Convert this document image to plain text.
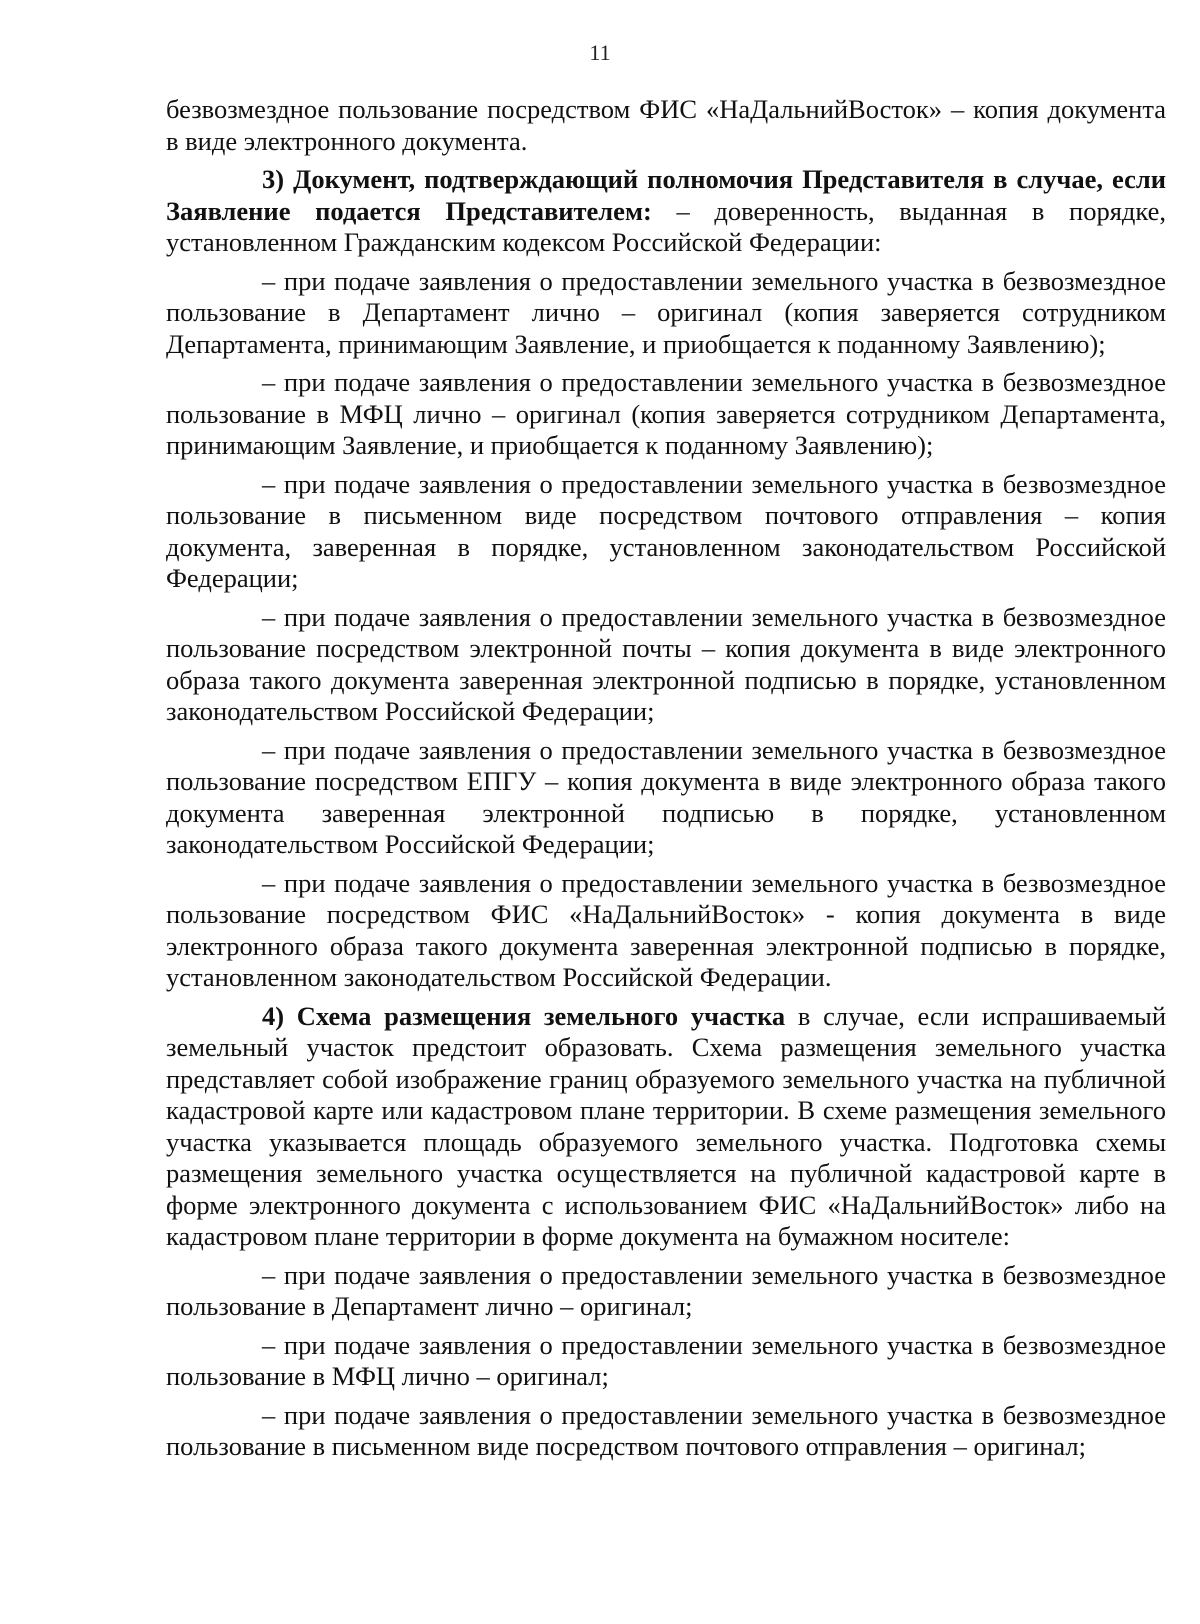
11

безвозмездное пользование посредством ФИС «НаДальнийВосток» – копия документа в виде электронного документа.

3) Документ, подтверждающий полномочия Представителя в случае, если Заявление подается Представителем: – доверенность, выданная в порядке, установленном Гражданским кодексом Российской Федерации:

– при подаче заявления о предоставлении земельного участка в безвозмездное пользование в Департамент лично – оригинал (копия заверяется сотрудником Департамента, принимающим Заявление, и приобщается к поданному Заявлению);

– при подаче заявления о предоставлении земельного участка в безвозмездное пользование в МФЦ лично – оригинал (копия заверяется сотрудником Департамента, принимающим Заявление, и приобщается к поданному Заявлению);

– при подаче заявления о предоставлении земельного участка в безвозмездное пользование в письменном виде посредством почтового отправления – копия документа, заверенная в порядке, установленном законодательством Российской Федерации;

– при подаче заявления о предоставлении земельного участка в безвозмездное пользование посредством электронной почты – копия документа в виде электронного образа такого документа заверенная электронной подписью в порядке, установленном законодательством Российской Федерации;

– при подаче заявления о предоставлении земельного участка в безвозмездное пользование посредством ЕПГУ – копия документа в виде электронного образа такого документа заверенная электронной подписью в порядке, установленном законодательством Российской Федерации;

– при подаче заявления о предоставлении земельного участка в безвозмездное пользование посредством ФИС «НаДальнийВосток» - копия документа в виде электронного образа такого документа заверенная электронной подписью в порядке, установленном законодательством Российской Федерации.

4) Схема размещения земельного участка в случае, если испрашиваемый земельный участок предстоит образовать. Схема размещения земельного участка представляет собой изображение границ образуемого земельного участка на публичной кадастровой карте или кадастровом плане территории. В схеме размещения земельного участка указывается площадь образуемого земельного участка. Подготовка схемы размещения земельного участка осуществляется на публичной кадастровой карте в форме электронного документа с использованием ФИС «НаДальнийВосток» либо на кадастровом плане территории в форме документа на бумажном носителе:

– при подаче заявления о предоставлении земельного участка в безвозмездное пользование в Департамент лично – оригинал;

– при подаче заявления о предоставлении земельного участка в безвозмездное пользование в МФЦ лично – оригинал;

– при подаче заявления о предоставлении земельного участка в безвозмездное пользование в письменном виде посредством почтового отправления – оригинал;
